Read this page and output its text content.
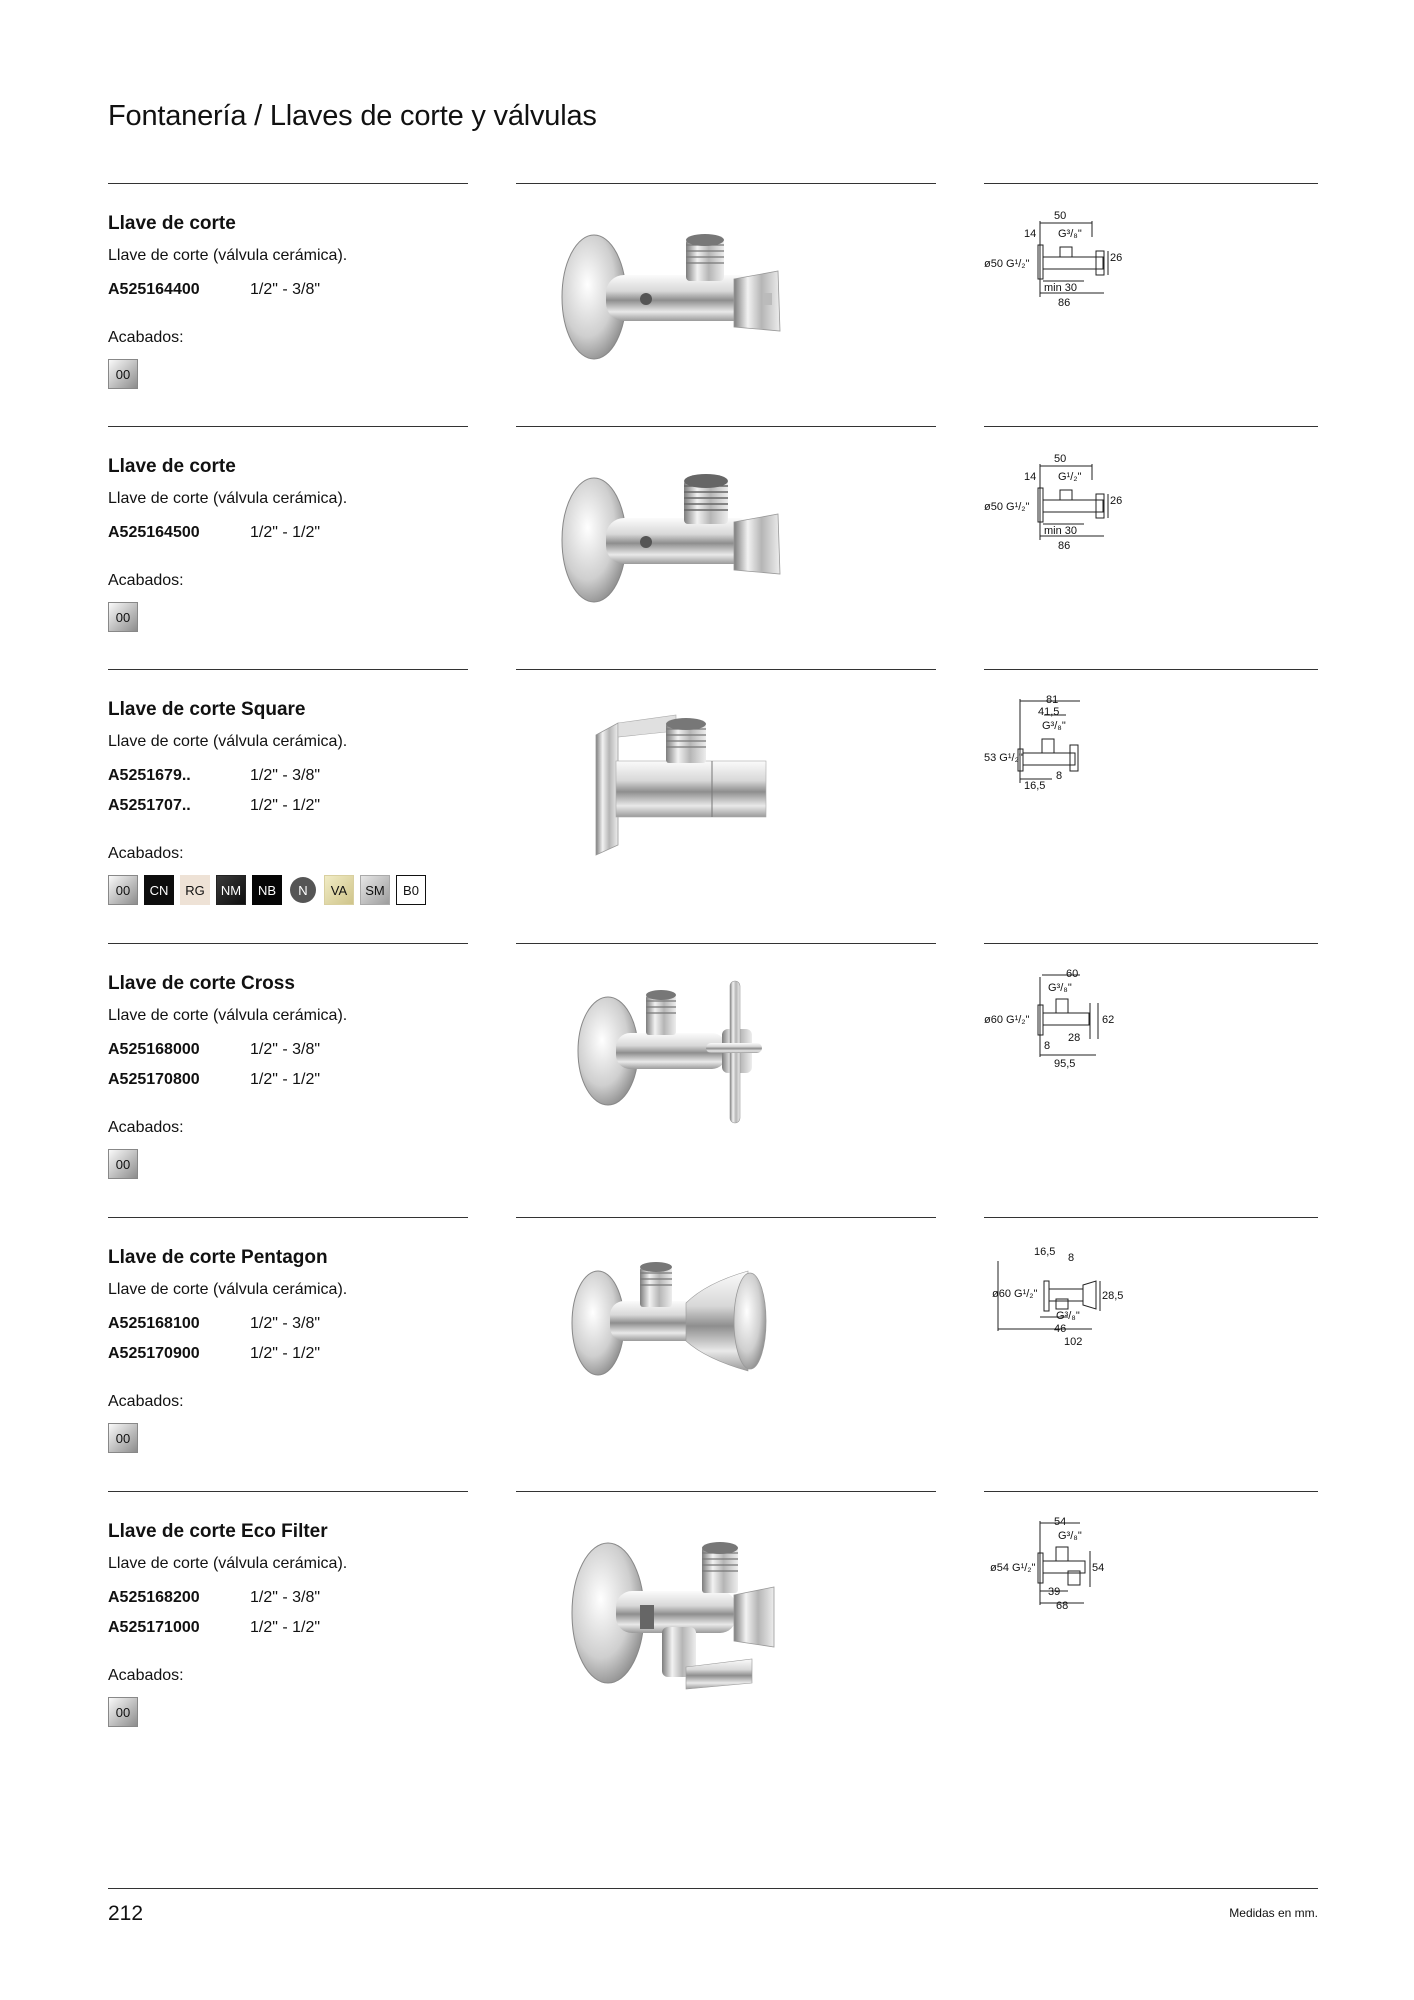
Fontanería / Llaves de corte y válvulas
Llave de corte
Llave de corte (válvula cerámica).
A525164400	1/2" - 3/8"
Acabados:
00
50
14 G³/₈"
ø50 G¹/₂"	26
min 30
86
Llave de corte
Llave de corte (válvula cerámica).
A525164500	1/2" - 1/2"
Acabados:
00
50
14 G¹/₂"
ø50 G¹/₂"	26
min 30
86
Llave de corte Square
Llave de corte (válvula cerámica).
A5251679..	1/2" - 3/8"
A5251707..	1/2" - 1/2"
Acabados:
00	CN	RG	NM	NB	N	VA	SM	B0
81
41,5
G³/₈"
53 G¹/₂"
8
16,5
Llave de corte Cross
Llave de corte (válvula cerámica).
A525168000	1/2" - 3/8"
A525170800	1/2" - 1/2"
Acabados:
00
60
G³/₈"
ø60 G¹/₂"	62
28
8
95,5
Llave de corte Pentagon
Llave de corte (válvula cerámica).
A525168100	1/2" - 3/8"
A525170900	1/2" - 1/2"
Acabados:
00
16,5 8
ø60 G¹/₂"	28,5
G³/₈"
46
102
Llave de corte Eco Filter
Llave de corte (válvula cerámica).
A525168200	1/2" - 3/8"
A525171000	1/2" - 1/2"
Acabados:
00
54
G³/₈"
ø54 G¹/₂"	54
39
68
212	Medidas en mm.
